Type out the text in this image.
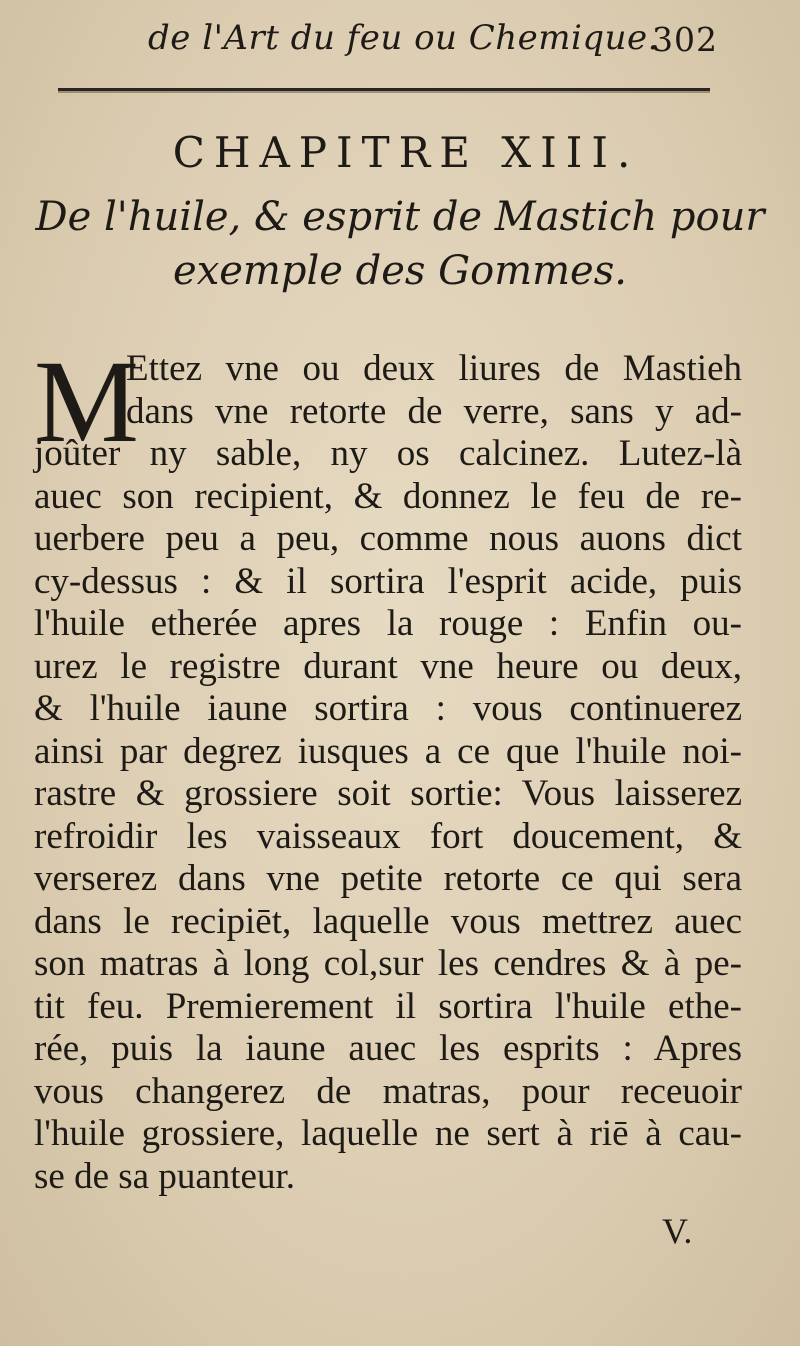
de l'Art du feu ou Chemique.
302
CHAPITRE XIII.
De l'huile, & esprit de Mastich pour
exemple des Gommes.
M
Ettez vne ou deux liures de Mastieh
dans vne retorte de verre, sans y ad-
joûter ny sable, ny os calcinez. Lutez-là
auec son recipient, & donnez le feu de re-
uerbere peu a peu, comme nous auons dict
cy-dessus : & il sortira l'esprit acide, puis
l'huile etherée apres la rouge : Enfin ou-
urez le registre durant vne heure ou deux,
& l'huile iaune sortira : vous continuerez
ainsi par degrez iusques a ce que l'huile noi-
rastre & grossiere soit sortie: Vous laisserez
refroidir les vaisseaux fort doucement, &
verserez dans vne petite retorte ce qui sera
dans le recipiēt, laquelle vous mettrez auec
son matras à long col,sur les cendres & à pe-
tit feu. Premierement il sortira l'huile ethe-
rée, puis la iaune auec les esprits : Apres
vous changerez de matras, pour receuoir
l'huile grossiere, laquelle ne sert à riē à cau-
se de sa puanteur.
V.
